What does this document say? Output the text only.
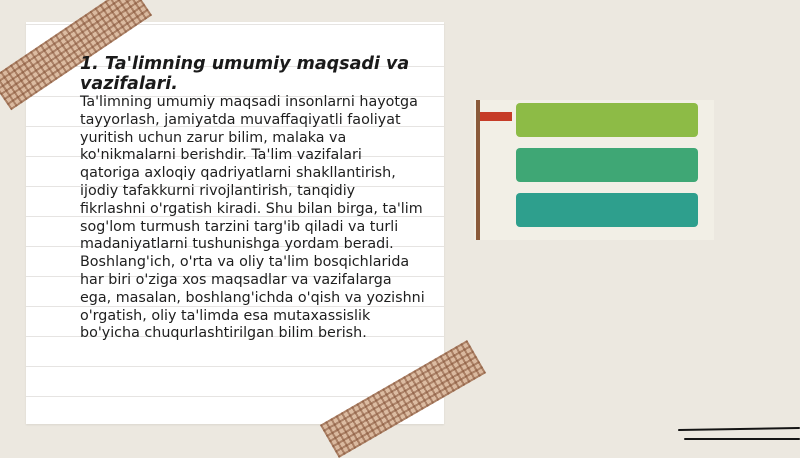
1. Ta'limning umumiy maqsadi va vazifalari.

Ta'limning umumiy maqsadi insonlarni hayotga tayyorlash, jamiyatda muvaffaqiyatli faoliyat yuritish uchun zarur bilim, malaka va ko'nikmalarni berishdir. Ta'lim vazifalari qatoriga axloqiy qadriyatlarni shakllantirish, ijodiy tafakkurni rivojlantirish, tanqidiy fikrlashni o'rgatish kiradi. Shu bilan birga, ta'lim sog'lom turmush tarzini targ'ib qiladi va turli madaniyatlarni tushunishga yordam beradi. Boshlang'ich, o'rta va oliy ta'lim bosqichlarida har biri o'ziga xos maqsadlar va vazifalarga ega, masalan, boshlang'ichda o'qish va yozishni o'rgatish, oliy ta'limda esa mutaxassislik bo'yicha chuqurlashtirilgan bilim berish.
